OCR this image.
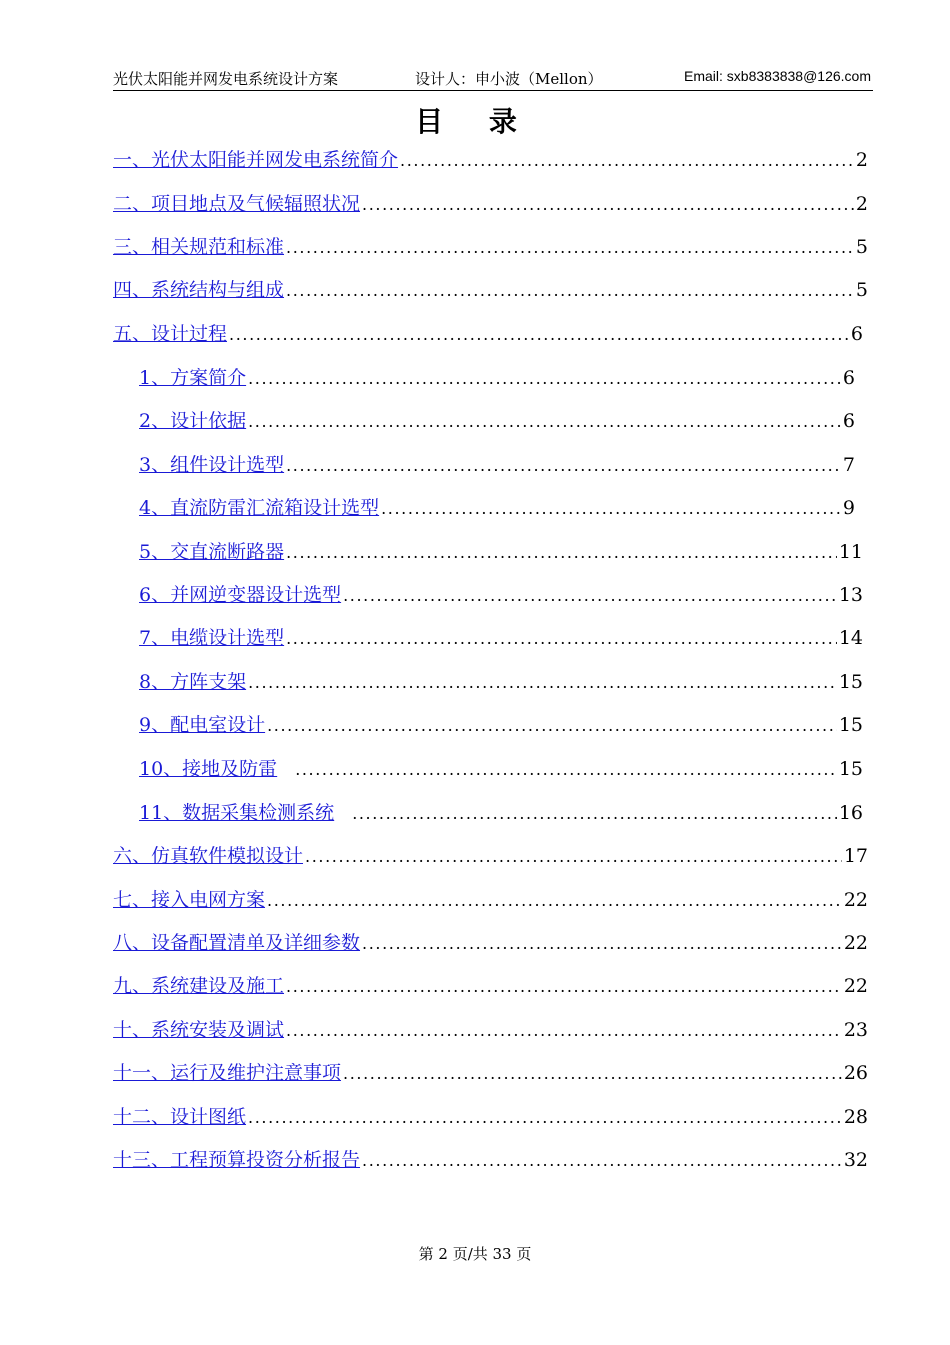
光伏太阳能并网发电系统设计方案	设计人：申小波（Mellon）	Email: sxb8383838@126.com
目 录
一、光伏太阳能并网发电系统简介 .....	2
二、项目地点及气候辐照状况 .....	2
三、相关规范和标准 .....	5
四、系统结构与组成 .....	5
五、设计过程 .....	6
1、方案简介 .....	6
2、设计依据 .....	6
3、组件设计选型 .....	7
4、直流防雷汇流箱设计选型 .....	9
5、交直流断路器 .....	11
6、并网逆变器设计选型 .....	13
7、电缆设计选型 .....	14
8、方阵支架 .....	15
9、配电室设计 .....	15
10、接地及防雷 .....	15
11、数据采集检测系统 .....	16
六、仿真软件模拟设计 .....	17
七、接入电网方案 .....	22
八、设备配置清单及详细参数 .....	22
九、系统建设及施工 .....	22
十、系统安装及调试 .....	23
十一、运行及维护注意事项 .....	26
十二、设计图纸 .....	28
十三、工程预算投资分析报告 .....	32
第 2 页/共 33 页
